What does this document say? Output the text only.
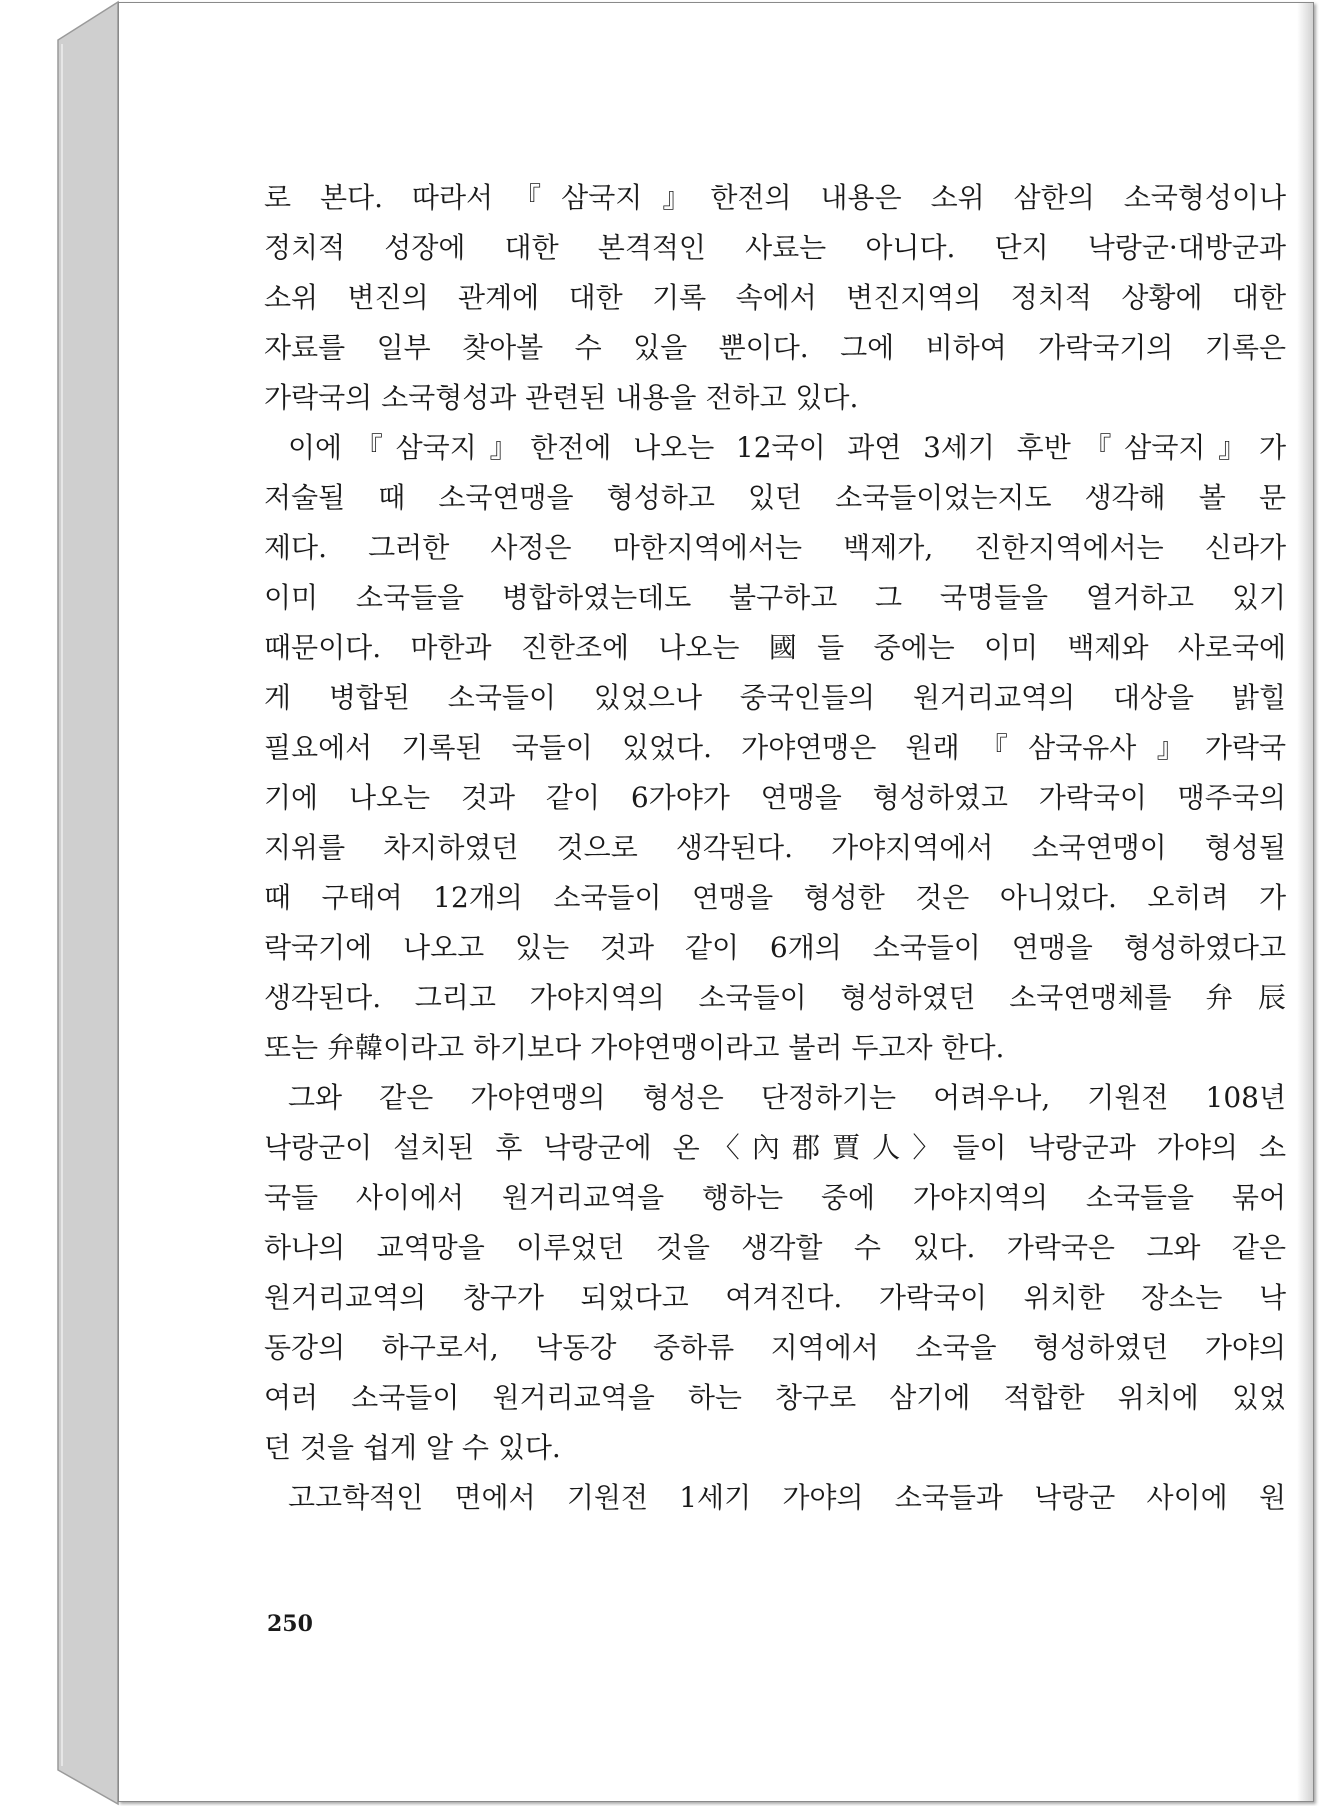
로 본다. 따라서『삼국지』한전의 내용은 소위 삼한의 소국형성이나
정치적 성장에 대한 본격적인 사료는 아니다. 단지 낙랑군·대방군과
소위 변진의 관계에 대한 기록 속에서 변진지역의 정치적 상황에 대한
자료를 일부 찾아볼 수 있을 뿐이다. 그에 비하여 가락국기의 기록은
가락국의 소국형성과 관련된 내용을 전하고 있다.
이에『삼국지』한전에 나오는 12국이 과연 3세기 후반『삼국지』가
저술될 때 소국연맹을 형성하고 있던 소국들이었는지도 생각해 볼 문
제다. 그러한 사정은 마한지역에서는 백제가, 진한지역에서는 신라가
이미 소국들을 병합하였는데도 불구하고 그 국명들을 열거하고 있기
때문이다. 마한과 진한조에 나오는 國들 중에는 이미 백제와 사로국에
게 병합된 소국들이 있었으나 중국인들의 원거리교역의 대상을 밝힐
필요에서 기록된 국들이 있었다. 가야연맹은 원래『삼국유사』가락국
기에 나오는 것과 같이 6가야가 연맹을 형성하였고 가락국이 맹주국의
지위를 차지하였던 것으로 생각된다. 가야지역에서 소국연맹이 형성될
때 구태여 12개의 소국들이 연맹을 형성한 것은 아니었다. 오히려 가
락국기에 나오고 있는 것과 같이 6개의 소국들이 연맹을 형성하였다고
생각된다. 그리고 가야지역의 소국들이 형성하였던 소국연맹체를 弁辰
또는 弁韓이라고 하기보다 가야연맹이라고 불러 두고자 한다.
그와 같은 가야연맹의 형성은 단정하기는 어려우나, 기원전 108년
낙랑군이 설치된 후 낙랑군에 온〈內郡賈人〉들이 낙랑군과 가야의 소
국들 사이에서 원거리교역을 행하는 중에 가야지역의 소국들을 묶어
하나의 교역망을 이루었던 것을 생각할 수 있다. 가락국은 그와 같은
원거리교역의 창구가 되었다고 여겨진다. 가락국이 위치한 장소는 낙
동강의 하구로서, 낙동강 중하류 지역에서 소국을 형성하였던 가야의
여러 소국들이 원거리교역을 하는 창구로 삼기에 적합한 위치에 있었
던 것을 쉽게 알 수 있다.
고고학적인 면에서 기원전 1세기 가야의 소국들과 낙랑군 사이에 원
250
